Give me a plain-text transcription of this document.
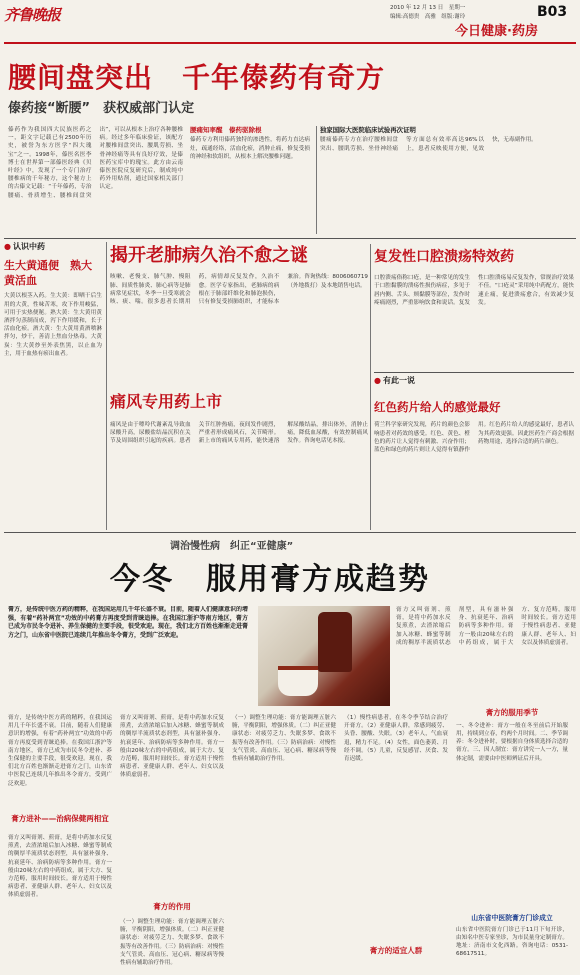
齐鲁晚报	2010 年 12 月 13 日　星期一
编辑:高德贵　高雅　组版:谢玲	B03
今日健康·药房
腰间盘突出　千年傣药有奇方
傣药接“断腰”　获权威部门认定
傣药作为我国四大民族医药之一，距文字记载已有2500年历史，被誉为东方医学“四大瑰宝”之一。1998年，傣医名医李博士在世界第一部傣医经典《贝叶经》中，发现了一个专门治疗腰椎病的千年秘方，这个秘方上的古傣文记载：“千年傣药，专治腰痛、骨质增生、腰椎间盘突出”，可以从根本上治疗各种腰椎病。经过多年临床验证，该配方对腰椎间盘突出、腰肌劳损、坐骨神经痛等具有良好疗效，是傣医药宝库中的瑰宝。此方由云南傣医医院反复研究后，制成纯中药外用贴剂，通过国家相关部门认定。
腰痛知率醒　傣药驱除根
傣药专方利用傣药独特的渗透性，将药力直达病灶，疏通经络，活血化瘀，消肿止痛，修复受损的神经和软组织，从根本上解决腰椎问题。
独家国际大医院临床试验再次证明
腰痛傣药专方在治疗腰椎间盘突出、腰肌劳损、坐骨神经痛等方面总有效率高达96%以上，患者反映使用方便，见效快，无毒副作用。
● 认识中药
生大黄通便　熟大黄活血
大黄以根茎入药。生大黄：即晒干后生用的大黄，性味苦寒，攻下作用峻猛，可用于实热便秘。熟大黄：生大黄用黄酒拌匀蒸制而成，泻下作用缓和，长于活血化瘀。酒大黄：生大黄用黄酒喷淋拌匀，炒干，善清上焦血分热毒。大黄炭：生大黄炒至外表焦黑，以止血为主，用于血热有瘀出血者。
揭开老肺病久治不愈之谜
咳嗽、老慢支、肺气肿、慢阻肺、间质性肺炎、肺心病等是肺病常见症状，冬季一旦受寒就会咳、痰、喘。很多患者长期用药，病情却反复发作，久治不愈。医学专家指出，老肺病的病根在于肺部纤维化和肺泡损伤，只有修复受损肺组织，才能标本兼治。咨询热线：8006060719（外地拨打）及本地销售电话。
复发性口腔溃疡特效药
口腔溃疡俗称口疮，是一种常见的发生于口腔黏膜的溃疡性损伤病症，多见于唇内侧、舌头、颊黏膜等部位，发作时疼痛剧烈，严重影响饮食和说话。复发性口腔溃疡易反复发作，常规治疗效果不佳。“口疮灵”采用纯中药配方，能快速止痛，促进溃疡愈合，有效减少复发。
痛风专用药上市
痛风是由于嘌呤代谢紊乱导致血尿酸升高，尿酸盐结晶沉积在关节及周围组织引起的疾病。患者关节红肿热痛，夜间发作剧烈，严重者形成痛风石，关节畸形。新上市的痛风专用药，能快速溶解尿酸结晶，排出体外，消肿止痛，降低血尿酸，有效控制痛风发作。咨询电话见本报。
● 有此一说
红色药片给人的感觉最好
荷兰科学家研究发现，药片的颜色会影响患者对药效的感受。红色、黄色、橙色的药片让人觉得有刺激、兴奋作用；蓝色和绿色的药片则让人觉得有镇静作用。红色药片给人的感觉最好，患者认为其药效更强。因此医药生产商会根据药物用途，选择合适的药片颜色。
调治慢性病　纠正“亚健康”
今冬　服用膏方成趋势
膏方，是传统中医方药的精粹，在我国运用几千年长盛不衰。目前，随着人们健康意识的增强，有着“药补两宜”功效的中药膏方再度受到青睐追捧。在我国江浙沪等南方地区，膏方已成为市民冬令进补、养生保健的主要手段，很受欢迎。现在，我们北方百姓也渐渐走进膏方之门，山东省中医院已连续几年推出冬令膏方，受到广泛欢迎。
膏方又叫膏剂、煎膏，是将中药加水反复煎煮，去渣浓缩后加入冰糖、蜂蜜等制成的稠厚半流质状态剂型，具有滋补强身、抗衰延年、治病防病等多种作用。膏方一般由20味左右的中药组成，属于大方、复方范畴，服用时间较长。膏方适用于慢性病患者、亚健康人群、老年人、妇女以及体质虚弱者。
膏方，是传统中医方药的精粹，在我国运用几千年长盛不衰。目前，随着人们健康意识的增强，有着“药补两宜”功效的中药膏方再度受到青睐追捧。在我国江浙沪等南方地区，膏方已成为市民冬令进补、养生保健的主要手段，很受欢迎。现在，我们北方百姓也渐渐走进膏方之门，山东省中医院已连续几年推出冬令膏方，受到广泛欢迎。
膏方进补——治病保健两相宜
膏方又叫膏剂、煎膏，是将中药加水反复煎煮，去渣浓缩后加入冰糖、蜂蜜等制成的稠厚半流质状态剂型，具有滋补强身、抗衰延年、治病防病等多种作用。膏方一般由20味左右的中药组成，属于大方、复方范畴，服用时间较长。膏方适用于慢性病患者、亚健康人群、老年人、妇女以及体质虚弱者。
膏方又叫膏剂、煎膏，是将中药加水反复煎煮，去渣浓缩后加入冰糖、蜂蜜等制成的稠厚半流质状态剂型，具有滋补强身、抗衰延年、治病防病等多种作用。膏方一般由20味左右的中药组成，属于大方、复方范畴，服用时间较长。膏方适用于慢性病患者、亚健康人群、老年人、妇女以及体质虚弱者。
膏方的作用
（一）调整生理功能：膏方能调理五脏六腑，平衡阴阳，增强体质。（二）纠正亚健康状态：对疲劳乏力、失眠多梦、食欲不振等有改善作用。（三）防病治病：对慢性支气管炎、高血压、冠心病、糖尿病等慢性病有辅助治疗作用。
（一）调整生理功能：膏方能调理五脏六腑，平衡阴阳，增强体质。（二）纠正亚健康状态：对疲劳乏力、失眠多梦、食欲不振等有改善作用。（三）防病治病：对慢性支气管炎、高血压、冠心病、糖尿病等慢性病有辅助治疗作用。
（1）慢性病患者，在冬令季节结合治疗开膏方。（2）亚健康人群，常感到疲劳、头昏、腰酸、失眠。（3）老年人，气血衰退，精力不足。（4）女性，面色萎黄、月经不调。（5）儿童，反复感冒、厌食、发育迟缓。
膏方的适宜人群
膏方的服用季节
一、冬令进补：膏方一般在冬至前后开始服用，持续到立春，约两个月时间。二、季节调养：冬令进补时，要根据自身体质选择合适的膏方。三、因人制宜：膏方讲究一人一方，量体定制，需要由中医师辨证后开具。
山东省中医院膏方门诊成立
山东省中医院膏方门诊已于11月下旬开诊，由知名中医专家坐诊，为市民量身定制膏方。地址：济南市文化西路。咨询电话：0531-68617511。
